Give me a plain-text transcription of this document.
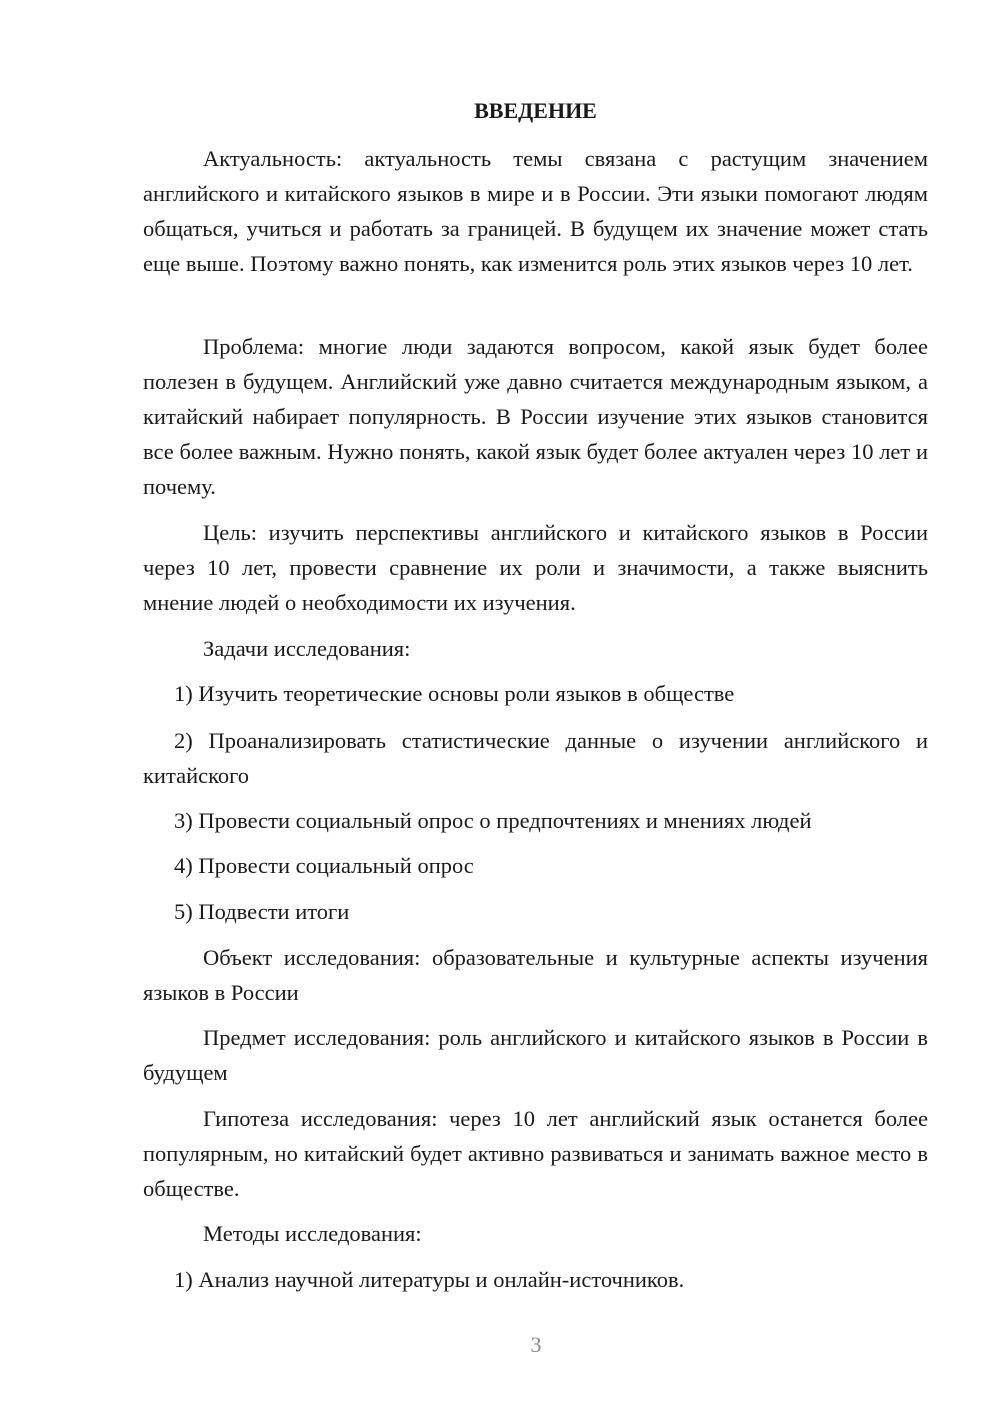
ВВЕДЕНИЕ

Актуальность: актуальность темы связана с растущим значением английского и китайского языков в мире и в России. Эти языки помогают людям общаться, учиться и работать за границей. В будущем их значение может стать еще выше. Поэтому важно понять, как изменится роль этих языков через 10 лет.

Проблема: многие люди задаются вопросом, какой язык будет более полезен в будущем. Английский уже давно считается международным языком, а китайский набирает популярность. В России изучение этих языков становится все более важным. Нужно понять, какой язык будет более актуален через 10 лет и почему.

Цель: изучить перспективы английского и китайского языков в России через 10 лет, провести сравнение их роли и значимости, а также выяснить мнение людей о необходимости их изучения.

Задачи исследования:

1) Изучить теоретические основы роли языков в обществе

2) Проанализировать статистические данные о изучении английского и китайского

3) Провести социальный опрос о предпочтениях и мнениях людей

4) Провести социальный опрос

5) Подвести итоги

Объект исследования: образовательные и культурные аспекты изучения языков в России

Предмет исследования: роль английского и китайского языков в России в будущем

Гипотеза исследования: через 10 лет английский язык останется более популярным, но китайский будет активно развиваться и занимать важное место в обществе.

Методы исследования:

1) Анализ научной литературы и онлайн-источников.

3
